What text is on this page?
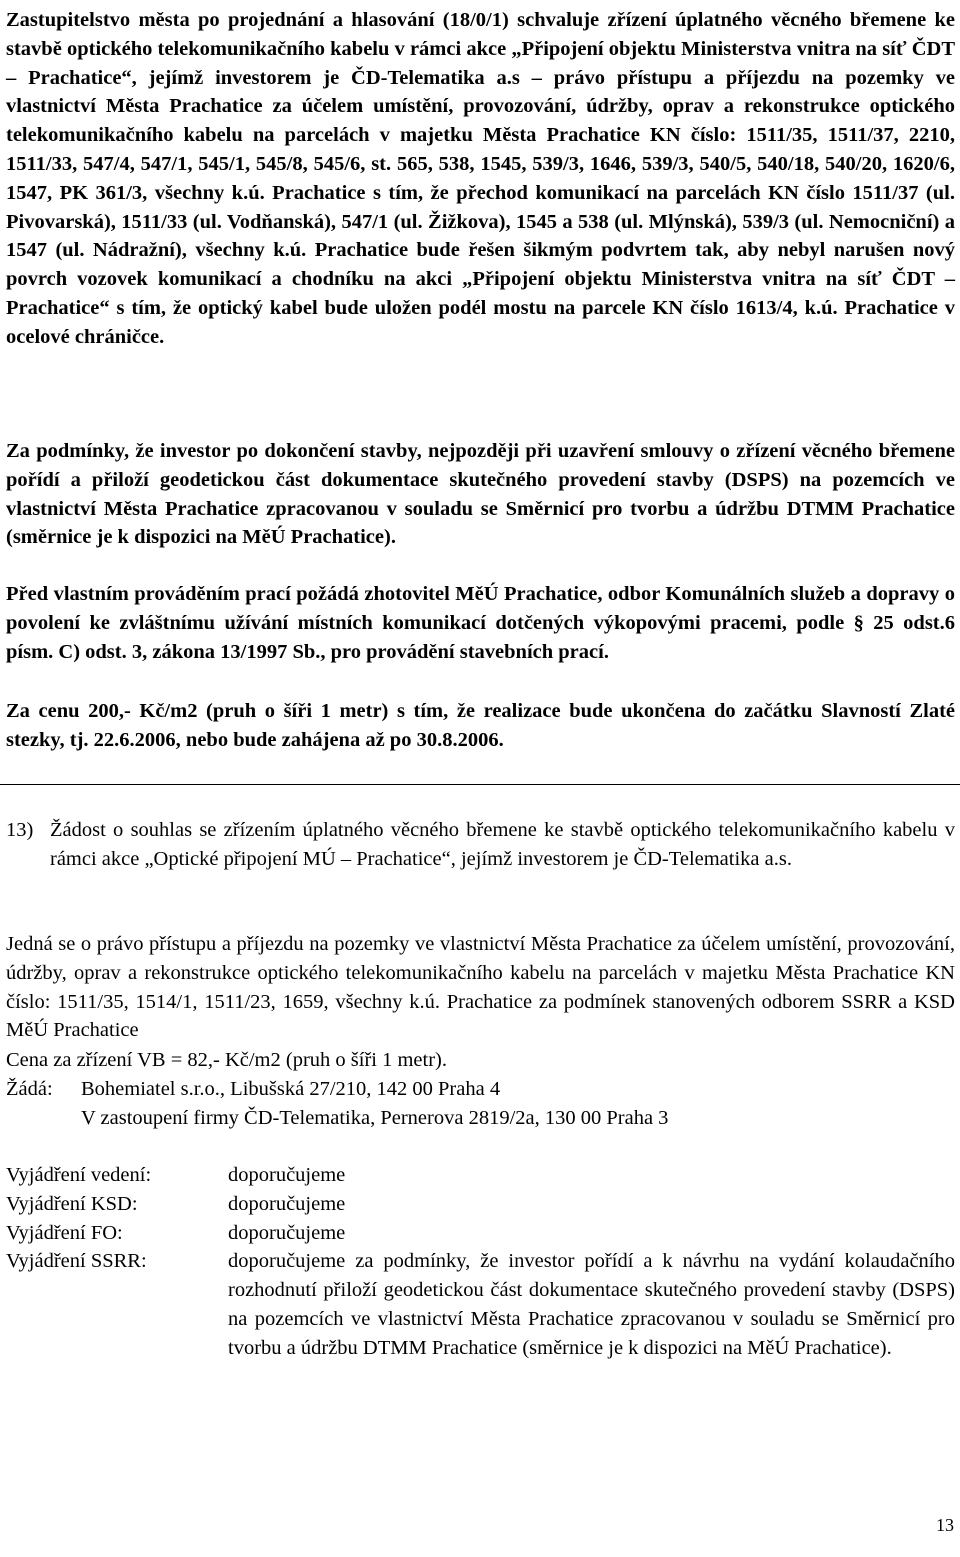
Zastupitelstvo města po projednání a hlasování (18/0/1) schvaluje zřízení úplatného věcného břemene ke stavbě optického telekomunikačního kabelu v rámci akce „Připojení objektu Ministerstva vnitra na síť ČDT – Prachatice“, jejímž investorem je ČD-Telematika a.s – právo přístupu a příjezdu na pozemky ve vlastnictví Města Prachatice za účelem umístění, provozování, údržby, oprav a rekonstrukce optického telekomunikačního kabelu na parcelách v majetku Města Prachatice KN číslo: 1511/35, 1511/37, 2210, 1511/33, 547/4, 547/1, 545/1, 545/8, 545/6, st. 565, 538, 1545, 539/3, 1646, 539/3, 540/5, 540/18, 540/20, 1620/6, 1547, PK 361/3, všechny k.ú. Prachatice s tím, že přechod komunikací na parcelách KN číslo 1511/37 (ul. Pivovarská), 1511/33 (ul. Vodňanská), 547/1 (ul. Žižkova), 1545 a 538 (ul. Mlýnská), 539/3 (ul. Nemocniční) a 1547 (ul. Nádražní), všechny k.ú. Prachatice bude řešen šikmým podvrtem tak, aby nebyl narušen nový povrch vozovek komunikací a chodníku na akci „Připojení objektu Ministerstva vnitra na síť ČDT – Prachatice“ s tím, že optický kabel bude uložen podél mostu na parcele KN číslo 1613/4, k.ú. Prachatice v ocelové chráničce.
Za podmínky, že investor po dokončení stavby, nejpozději při uzavření smlouvy o zřízení věcného břemene pořídí a přiloží geodetickou část dokumentace skutečného provedení stavby (DSPS) na pozemcích ve vlastnictví Města Prachatice zpracovanou v souladu se Směrnicí pro tvorbu a údržbu DTMM Prachatice (směrnice je k dispozici na MěÚ Prachatice).
Před vlastním prováděním prací požádá zhotovitel MěÚ Prachatice, odbor Komunálních služeb a dopravy o povolení ke zvláštnímu užívání místních komunikací dotčených výkopovými pracemi, podle § 25 odst.6 písm. C) odst. 3, zákona 13/1997 Sb., pro provádění stavebních prací.
Za cenu 200,- Kč/m2 (pruh o šíři 1 metr) s tím, že realizace bude ukončena do začátku Slavností Zlaté stezky, tj. 22.6.2006, nebo bude zahájena až po 30.8.2006.
13) Žádost o souhlas se zřízením úplatného věcného břemene ke stavbě optického telekomunikačního kabelu v rámci akce „Optické připojení MÚ – Prachatice“, jejímž investorem je ČD-Telematika a.s.
Jedná se o právo přístupu a příjezdu na pozemky ve vlastnictví Města Prachatice za účelem umístění, provozování, údržby, oprav a rekonstrukce optického telekomunikačního kabelu na parcelách v majetku Města Prachatice KN číslo: 1511/35, 1514/1, 1511/23, 1659, všechny k.ú. Prachatice za podmínek stanovených odborem SSRR a KSD MěÚ Prachatice
Cena za zřízení VB = 82,- Kč/m2 (pruh o šíři 1 metr).
Žádá: Bohemiatel s.r.o., Libušská 27/210, 142 00 Praha 4
V zastoupení firmy ČD-Telematika, Pernerova 2819/2a, 130 00 Praha 3
Vyjádření vedení:	doporučujeme
Vyjádření KSD:	doporučujeme
Vyjádření FO:	doporučujeme
Vyjádření SSRR:	doporučujeme za podmínky, že investor pořídí a k návrhu na vydání kolaudačního rozhodnutí přiloží geodetickou část dokumentace skutečného provedení stavby (DSPS) na pozemcích ve vlastnictví Města Prachatice zpracovanou v souladu se Směrnicí pro tvorbu a údržbu DTMM Prachatice (směrnice je k dispozici na MěÚ Prachatice).
13
